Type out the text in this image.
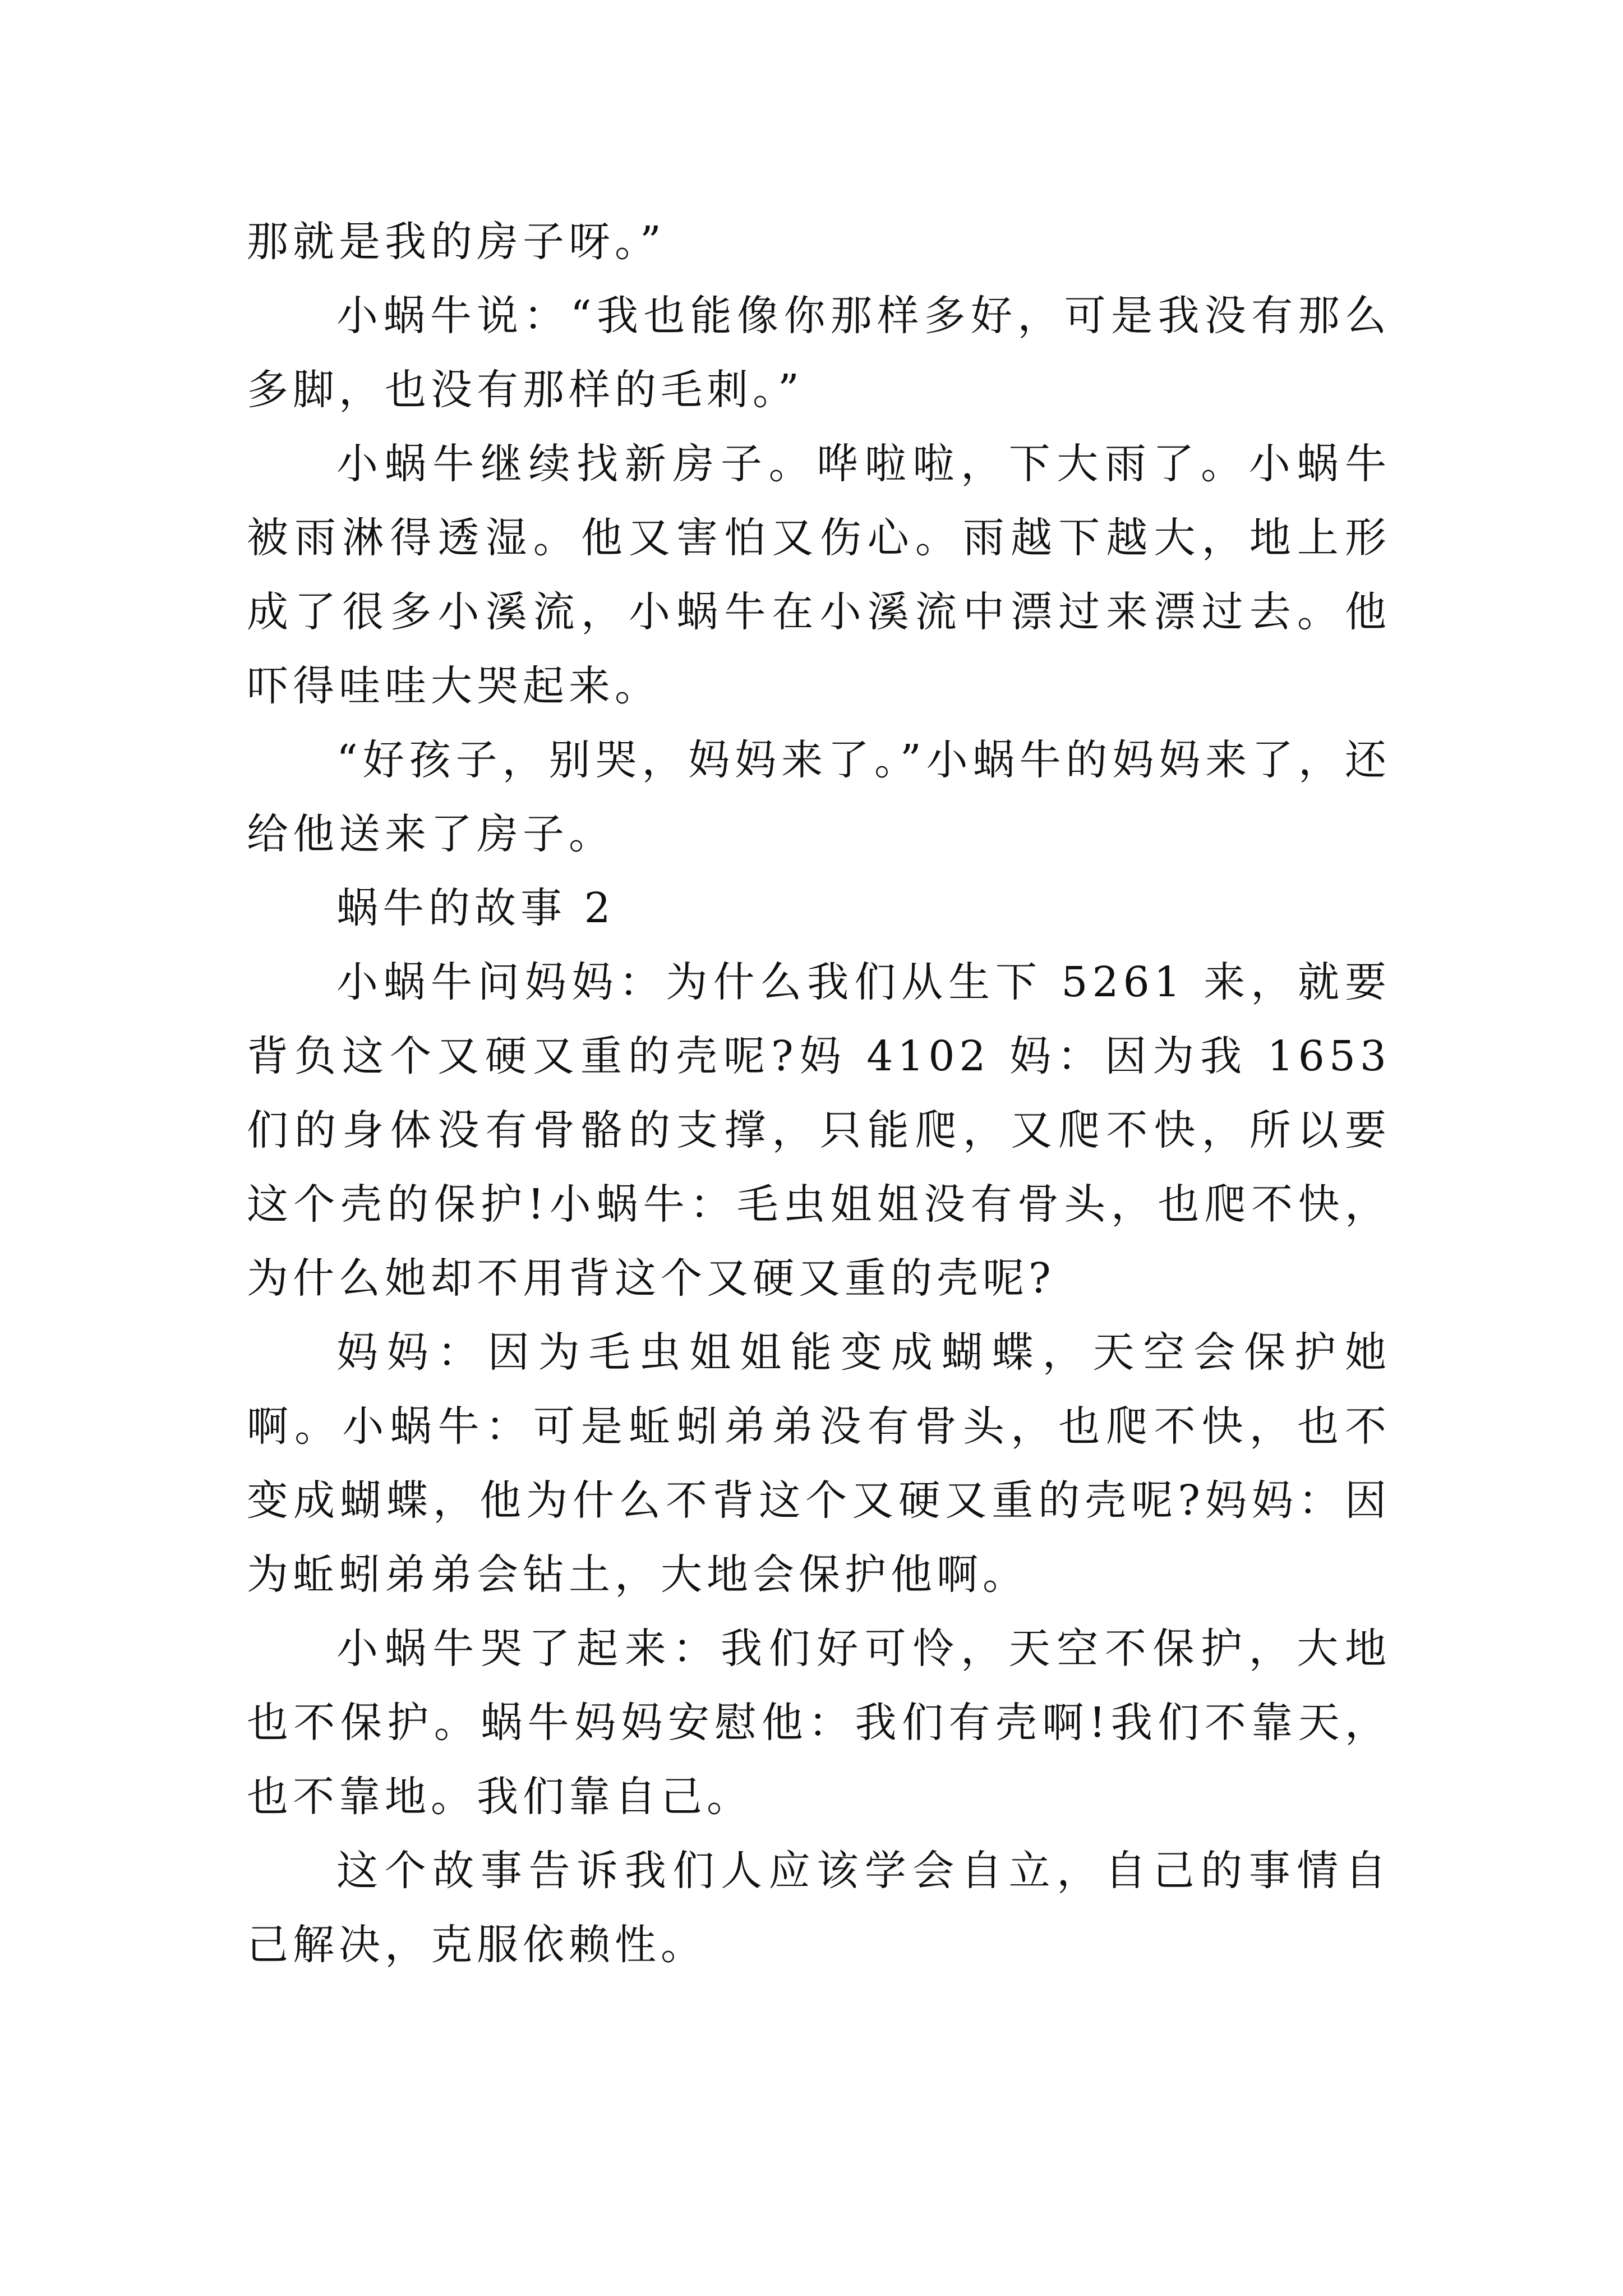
那就是我的房子呀。”

小蜗牛说：“我也能像你那样多好，可是我没有那么多脚，也没有那样的毛刺。”

小蜗牛继续找新房子。哗啦啦，下大雨了。小蜗牛被雨淋得透湿。他又害怕又伤心。雨越下越大，地上形成了很多小溪流，小蜗牛在小溪流中漂过来漂过去。他吓得哇哇大哭起来。

“好孩子，别哭，妈妈来了。”小蜗牛的妈妈来了，还给他送来了房子。

蜗牛的故事 2

小蜗牛问妈妈：为什么我们从生下 5261 来，就要背负这个又硬又重的壳呢?妈 4102 妈：因为我 1653 们的身体没有骨骼的支撑，只能爬，又爬不快，所以要这个壳的保护!小蜗牛：毛虫姐姐没有骨头，也爬不快，为什么她却不用背这个又硬又重的壳呢?

妈妈：因为毛虫姐姐能变成蝴蝶，天空会保护她啊。小蜗牛：可是蚯蚓弟弟没有骨头，也爬不快，也不变成蝴蝶，他为什么不背这个又硬又重的壳呢?妈妈：因为蚯蚓弟弟会钻土，大地会保护他啊。

小蜗牛哭了起来：我们好可怜，天空不保护，大地也不保护。蜗牛妈妈安慰他：我们有壳啊!我们不靠天，也不靠地。我们靠自己。

这个故事告诉我们人应该学会自立，自己的事情自己解决，克服依赖性。
